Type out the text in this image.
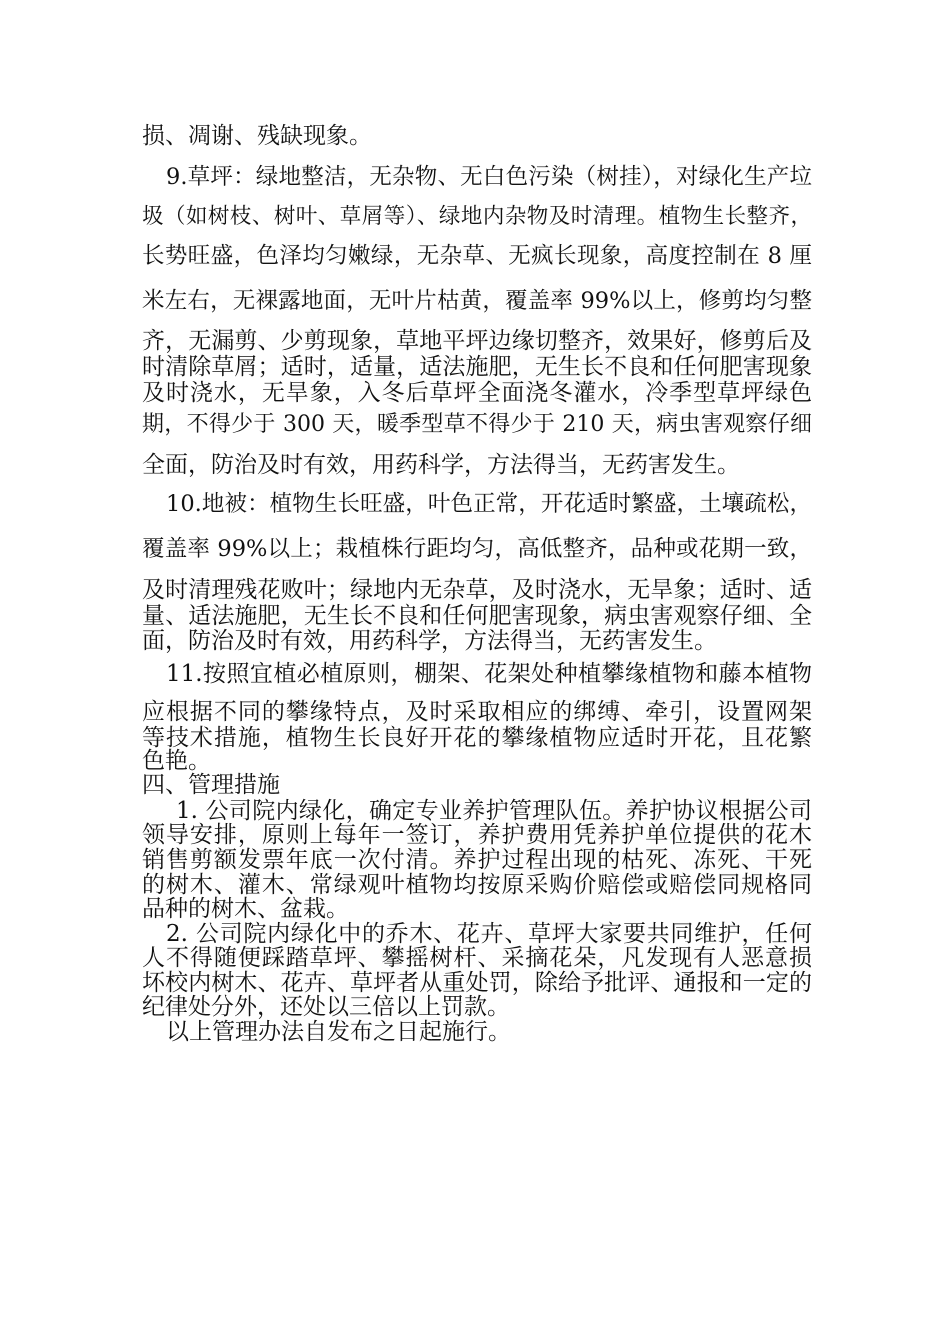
损、凋谢、残缺现象。
9.草坪：绿地整洁，无杂物、无白色污染（树挂），对绿化生产垃
圾（如树枝、树叶、草屑等）、绿地内杂物及时清理。植物生长整齐，
长势旺盛，色泽均匀嫩绿，无杂草、无疯长现象，高度控制在 8 厘
米左右，无裸露地面，无叶片枯黄，覆盖率 99%以上，修剪均匀整
齐，无漏剪、少剪现象，草地平坪边缘切整齐，效果好，修剪后及
时清除草屑；适时，适量，适法施肥，无生长不良和任何肥害现象
及时浇水，无旱象，入冬后草坪全面浇冬灌水，冷季型草坪绿色
期，不得少于 300 天，暖季型草不得少于 210 天，病虫害观察仔细
全面，防治及时有效，用药科学，方法得当，无药害发生。
10.地被：植物生长旺盛，叶色正常，开花适时繁盛，土壤疏松，
覆盖率 99%以上；栽植株行距均匀，高低整齐，品种或花期一致，
及时清理残花败叶；绿地内无杂草，及时浇水，无旱象；适时、适
量、适法施肥，无生长不良和任何肥害现象，病虫害观察仔细、全
面，防治及时有效，用药科学，方法得当，无药害发生。
11.按照宜植必植原则，棚架、花架处种植攀缘植物和藤本植物
应根据不同的攀缘特点，及时采取相应的绑缚、牵引，设置网架
等技术措施，植物生长良好开花的攀缘植物应适时开花，且花繁
色艳。
四、管理措施
1. 公司院内绿化，确定专业养护管理队伍。养护协议根据公司
领导安排，原则上每年一签订，养护费用凭养护单位提供的花木
销售剪额发票年底一次付清。养护过程出现的枯死、冻死、干死
的树木、灌木、常绿观叶植物均按原采购价赔偿或赔偿同规格同
品种的树木、盆栽。
2. 公司院内绿化中的乔木、花卉、草坪大家要共同维护，任何
人不得随便踩踏草坪、攀摇树杆、采摘花朵，凡发现有人恶意损
坏校内树木、花卉、草坪者从重处罚，除给予批评、通报和一定的
纪律处分外，还处以三倍以上罚款。
以上管理办法自发布之日起施行。
